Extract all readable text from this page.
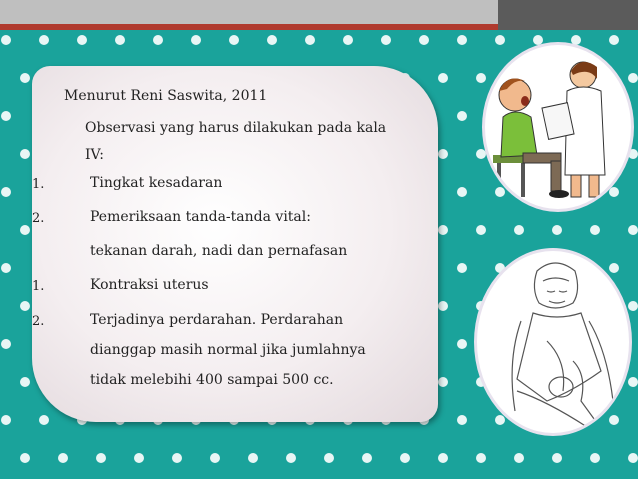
Menurut Reni Saswita, 2011
Observasi yang harus dilakukan pada kala
IV:
1.	Tingkat kesadaran
2.	Pemeriksaan tanda-tanda vital:
tekanan darah, nadi dan pernafasan
1.	Kontraksi uterus
2.	Terjadinya perdarahan. Perdarahan
dianggap masih normal jika jumlahnya
tidak melebihi 400 sampai 500 cc.
